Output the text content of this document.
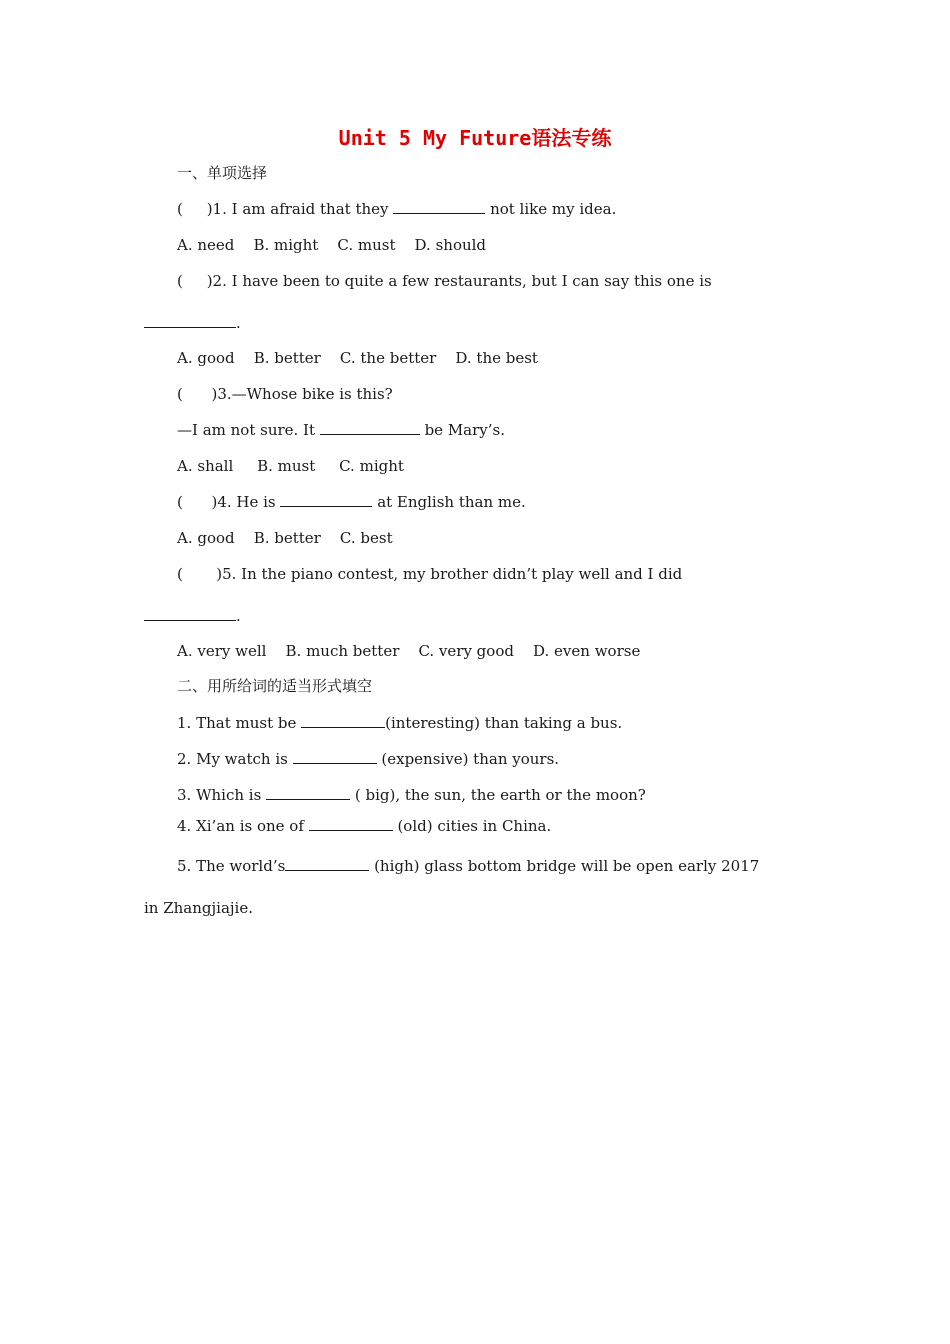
Unit 5 My Future语法专练
一、单项选择
(     )1. I am afraid that they	not like my idea.
A. need    B. might    C. must    D. should
(     )2. I have been to quite a few restaurants, but I can say this one is
.
A. good    B. better    C. the better    D. the best
(      )3.—Whose bike is this?
—I am not sure. It	be Mary’s.
A. shall     B. must     C. might
(      )4. He is	at English than me.
A. good    B. better    C. best
(       )5. In the piano contest, my brother didn’t play well and I did
.
A. very well    B. much better    C. very good    D. even worse
二、用所给词的适当形式填空
1. That must be	(interesting) than taking a bus.
2. My watch is	(expensive) than yours.
3. Which is	( big), the sun, the earth or the moon?
4. Xi’an is one of	(old) cities in China.
5. The world’s	(high) glass bottom bridge will be open early 2017
in Zhangjiajie.
